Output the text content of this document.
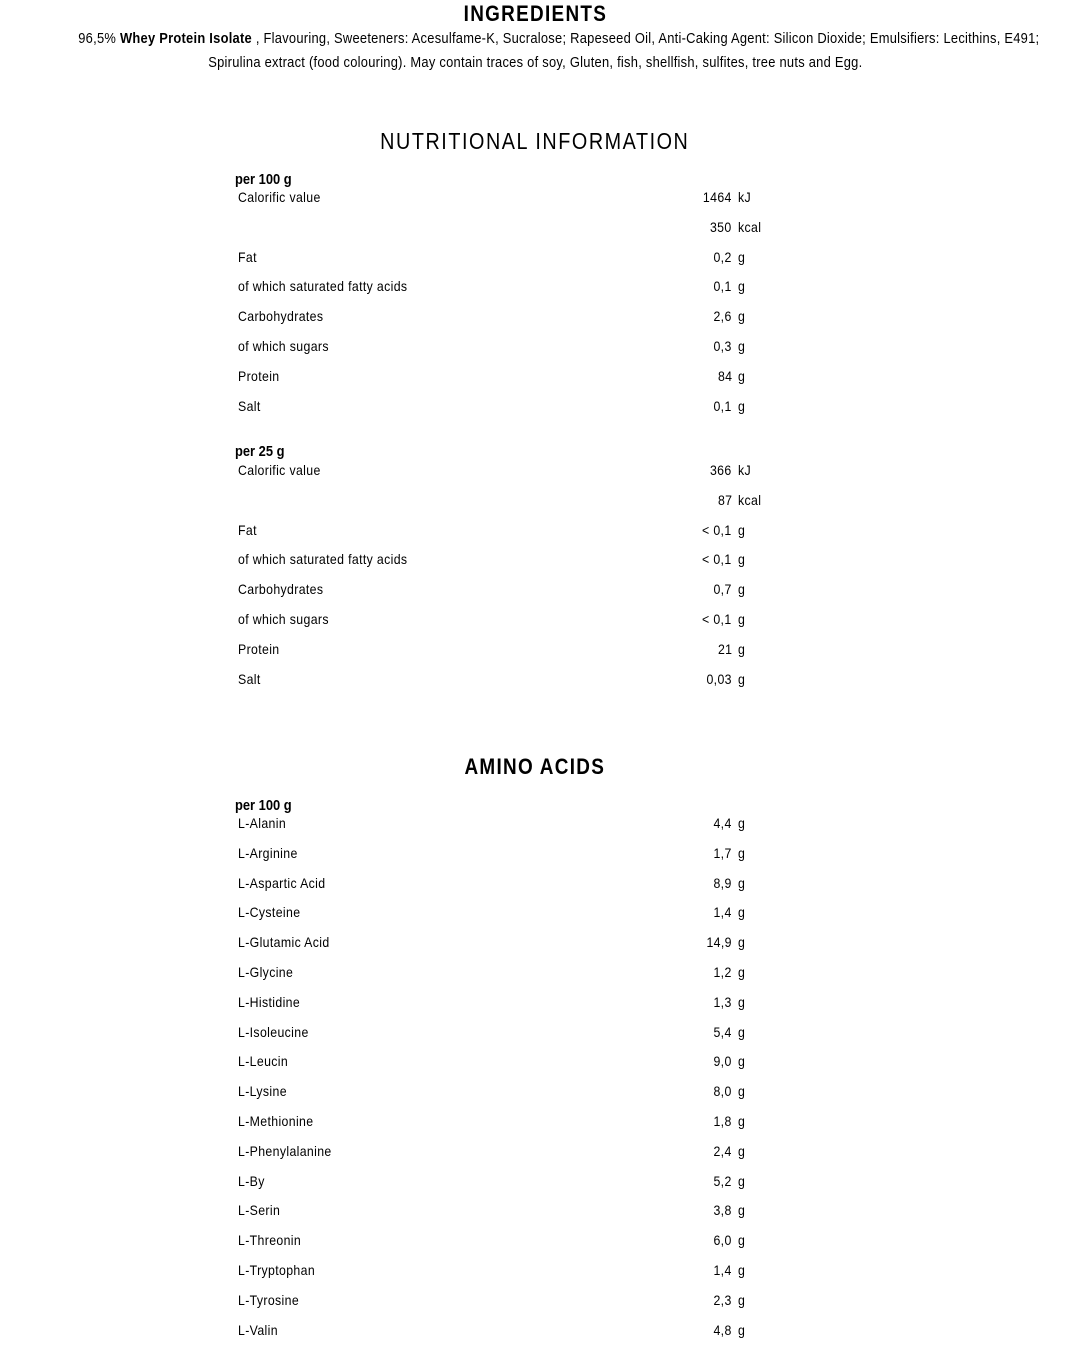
INGREDIENTS
96,5% Whey Protein Isolate , Flavouring, Sweeteners: Acesulfame-K, Sucralose; Rapeseed Oil, Anti-Caking Agent: Silicon Dioxide; Emulsifiers: Lecithins, E491;
Spirulina extract (food colouring). May contain traces of soy, Gluten, fish, shellfish, sulfites, tree nuts and Egg.
NUTRITIONAL INFORMATION
per 100 g
Calorific value	1464 kJ
350 kcal
Fat	0,2 g
of which saturated fatty acids	0,1 g
Carbohydrates	2,6 g
of which sugars	0,3 g
Protein	84 g
Salt	0,1 g
per 25 g
Calorific value	366 kJ
87 kcal
Fat	< 0,1 g
of which saturated fatty acids	< 0,1 g
Carbohydrates	0,7 g
of which sugars	< 0,1 g
Protein	21 g
Salt	0,03 g
AMINO ACIDS
per 100 g
L-Alanin	4,4 g
L-Arginine	1,7 g
L-Aspartic Acid	8,9 g
L-Cysteine	1,4 g
L-Glutamic Acid	14,9 g
L-Glycine	1,2 g
L-Histidine	1,3 g
L-Isoleucine	5,4 g
L-Leucin	9,0 g
L-Lysine	8,0 g
L-Methionine	1,8 g
L-Phenylalanine	2,4 g
L-By	5,2 g
L-Serin	3,8 g
L-Threonin	6,0 g
L-Tryptophan	1,4 g
L-Tyrosine	2,3 g
L-Valin	4,8 g
